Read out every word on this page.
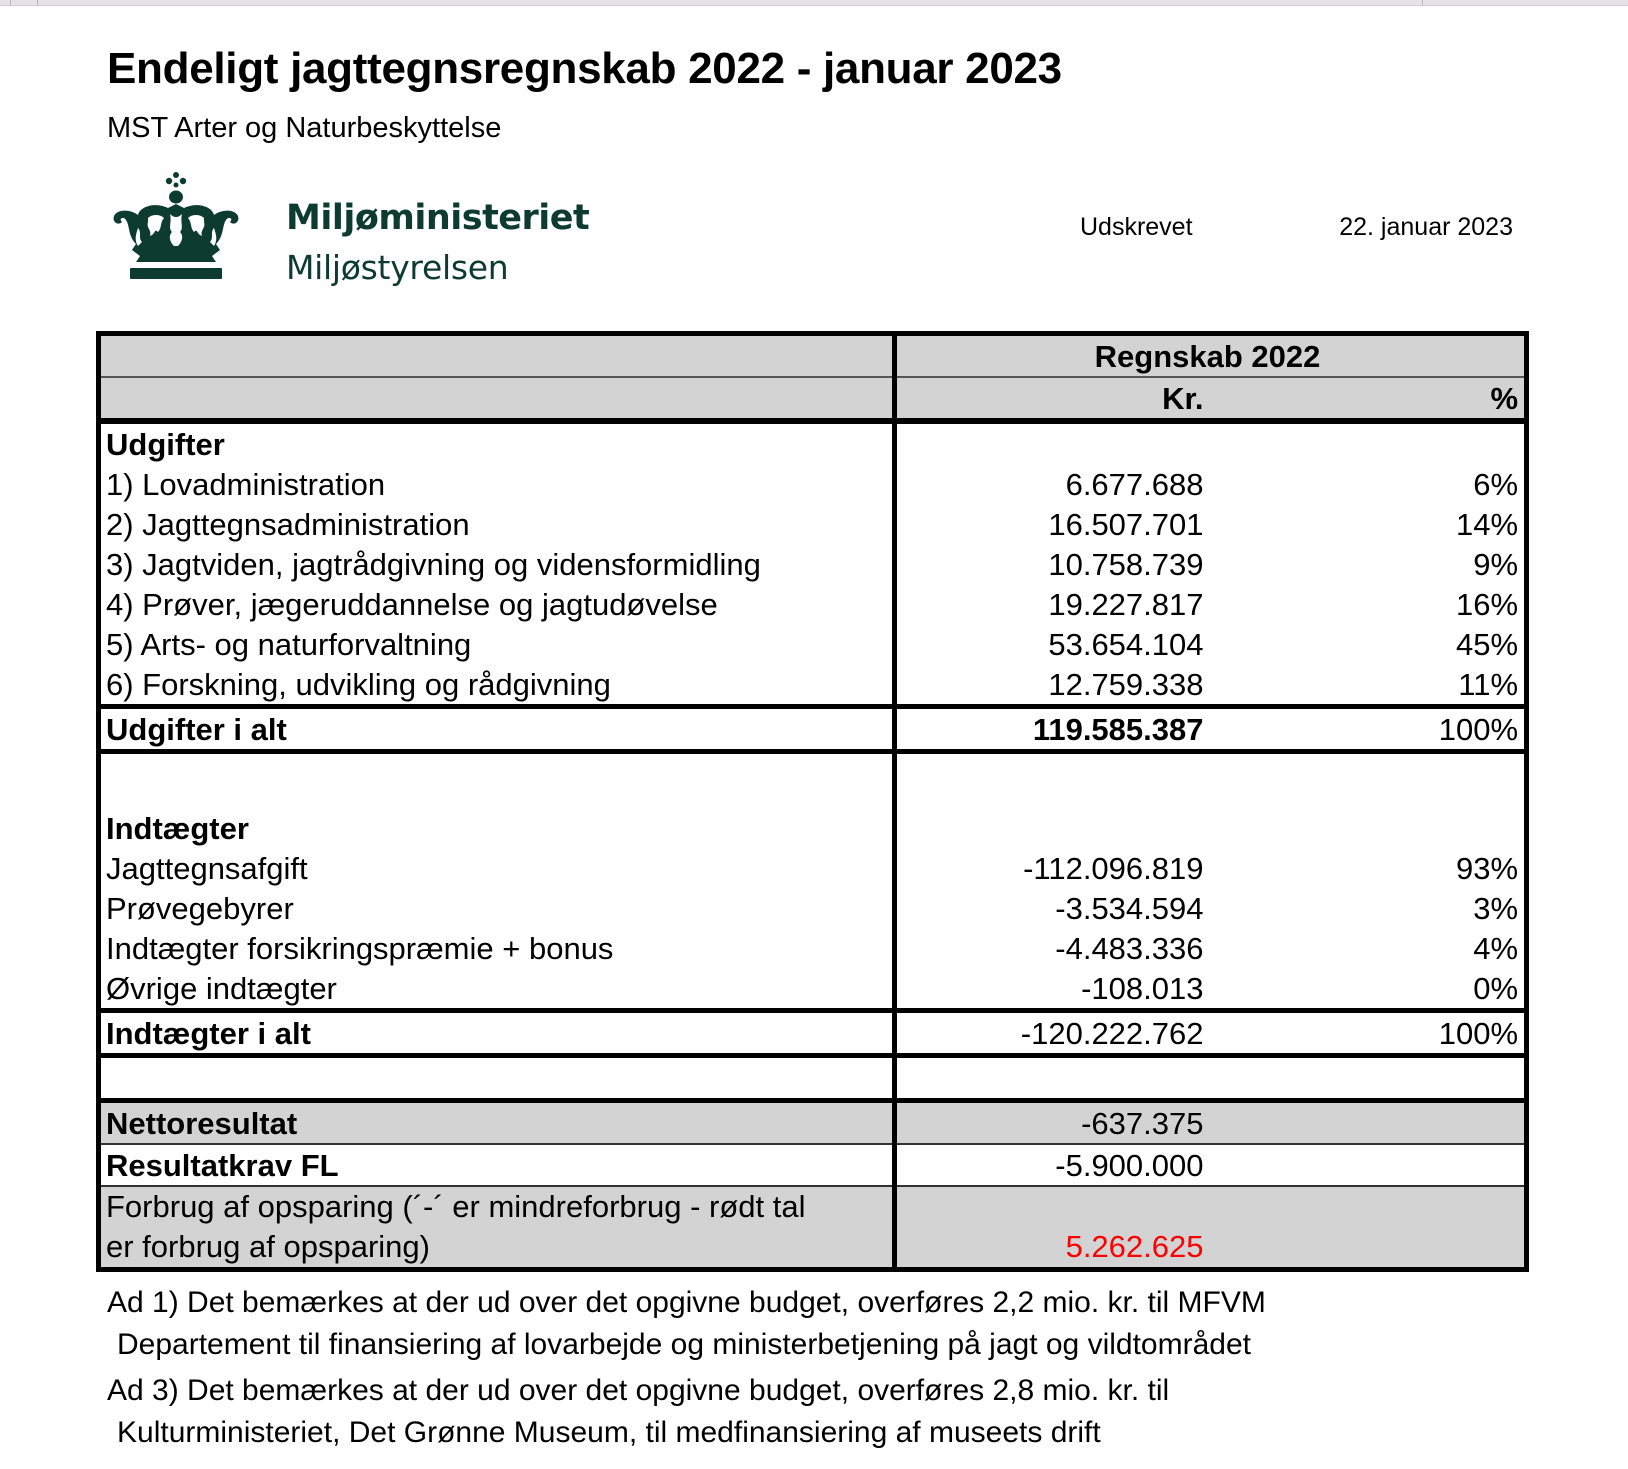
Endeligt jagttegnsregnskab 2022 - januar 2023
MST Arter og Naturbeskyttelse
Miljøministeriet
Miljøstyrelsen
Udskrevet	22. januar 2023
	Regnskab 2022	
	Kr.	%
Udgifter		
1) Lovadministration	6.677.688	6%
2) Jagttegnsadministration	16.507.701	14%
3) Jagtviden, jagtrådgivning og vidensformidling	10.758.739	9%
4) Prøver, jægeruddannelse og jagtudøvelse	19.227.817	16%
5) Arts- og naturforvaltning	53.654.104	45%
6) Forskning, udvikling og rådgivning	12.759.338	11%
Udgifter i alt	119.585.387	100%

Indtægter		
Jagttegnsafgift	-112.096.819	93%
Prøvegebyrer	-3.534.594	3%
Indtægter forsikringspræmie + bonus	-4.483.336	4%
Øvrige indtægter	-108.013	0%
Indtægter i alt	-120.222.762	100%

Nettoresultat	-637.375	
Resultatkrav FL	-5.900.000	

Forbrug af opsparing (´-´ er mindreforbrug - rødt tal
er forbrug af opsparing)	5.262.625	
Ad 1) Det bemærkes at der ud over det opgivne budget, overføres 2,2 mio. kr. til MFVM
Departement til finansiering af lovarbejde og ministerbetjening på jagt og vildtområdet
Ad 3) Det bemærkes at der ud over det opgivne budget, overføres 2,8 mio. kr. til
Kulturministeriet, Det Grønne Museum, til medfinansiering af museets drift
